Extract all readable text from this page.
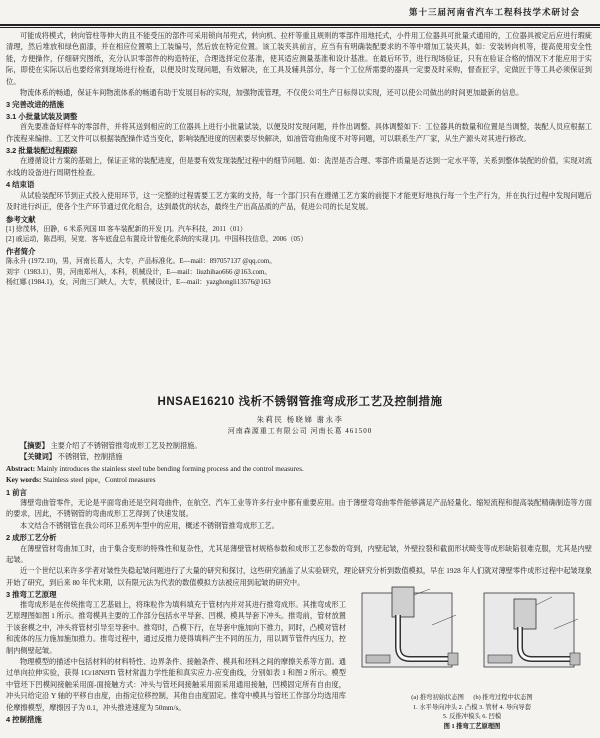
第十三届河南省汽车工程科技学术研讨会

可能成将模式，转向管柱等伸大的且不能受压的部件可采用锁向吊兜式，转向机、拉杆等重且规则的零部件用地托式，小件用工位器具可批量式通用的，工位器具被定后应进行瑕疵清理，然后堆放和绿色面漆，并在相应位置喷上工装编号，然后放在特定位置。该工装夹具前言，应当有有明确装配要求的不等中增加工装夹具，如：安装转向机等，提高使用安全性能，方便操作，仔细研究图纸，充分认识零部件的构造特征，合理选择定位基准，使其适应测量基准和设计基准。在最后环节，进行现场验证，只有在验证合格的情况下才能应用于实际，即使在实际以后也要经常到现场进行检查，以便及时发现问题，有效解决，在工具及辅具部分，每一个工位所需要的器具一定要及时采购，督查匠字，定做匠于等工具必须保证到位。

物流体系的畅通，保证车间物流体系的畅通有助于发展目标的实现，加强物流管理，不仅使公司生产日标得以实现，还可以使公司做出的时间更加最新的信息。

3 完善改进的措施

3.1 小批量试装及调整

首先要准备好样车的零部件，并将其送到相应的工位器具上进行小批量试装，以便及时发现问题，并作出调整。具体调整如下：工位器具的数量和位置是当调整，装配人员应根据工作流程来编排。工艺文件可以根据装配操作适当变化，影响装配进度的因素要尽快解决，如油管弯曲角度不对等问题，可以联系生产厂家，从生产源头对其进行修改。

3.2 批量装配过程跟踪

在遵循设计方案的基础上，保证正常的装配进度，但是要有效发现装配过程中的细节问题。如：洗涅是否合理、零部件质量是否达到一定水平等，关系到整体装配的价值，实现对流水线的设备进行周期性检查。

4 结束语

从试验装配环节到正式投入使用环节，这一完整的过程需要工艺方案的支持，每一个部门只有在遵循工艺方案的前提下才能更好地执行每一个生产行为，并在执行过程中发现问题后及时进行纠正，使各个生产环节通过优化组合，达到最优的状态，最终生产出高品质的产品，促进公司的长足发展。

参考文献

[1] 徐茂林，田静，6 米系列国 III 客车装配新的开发 [J]。汽车科技，2011（01）

[2] 戚运动，陈昌明，吴宽．客车底盘总布置设计智能化系统的实现 [J]。中国科技信息，2006（05）

作者简介

陈永升 (1972.10)，男，河南长葛人，大专，产品标准化。E—mail：897057137 @qq.com。

刘宇（1983.1），男，河南郑州人，本科，机械设计，E—mail：liuzhihao666 @163.com。

杨红娜 (1984.1)，女，河南三门峡人，大专，机械设计，E—mail：yazghongli13576@163

HNSAE16210 浅析不锈钢管推弯成形工艺及控制措施
朱莉民 杨晓娣 谢永李
河南森源重工有限公司 河南长葛 461500

【摘要】 主要介绍了不锈钢管推弯成形工艺及控制措施。

【关键词】 不锈钢管，控制措施

Abstract: Mainly introduces the stainless steel tube bending forming process and the control measures.

Key words: Stainless steel pipe，Control measures

1 前言

薄壁弯曲管零件，无论是平面弯曲还是空间弯曲件，在航空、汽车工业等许多行业中都有重要应用。由于薄壁弯弯曲零件能够满足产品轻量化、缩短流程和提高装配精确制造等方面的要求，因此，不锈钢管的弯曲成形工艺得到了快速发展。

本文结合不锈钢管在我公司环卫系列车型中的应用，概述不锈钢管推弯成形工艺。

2 成形工艺分析

在薄壁管材弯曲加工时，由于集合变形的特殊性和复杂性，尤其是薄壁管材规格参数和成形工艺参数的弯到，内壁起皱，外壁拉裂和截面形状畸变等成形缺陷很难克服，尤其是内壁起皱。

近一个世纪以来许多学者对皱性失稳起皱问题进行了大量的研究和探讨，这些研究涵盖了从实验研究，理论研究分析到数值模拟，早在 1928 年人们就对薄壁零件成形过程中起皱现象开始了研究，到后来 80 年代末期，以有限元法为代表的数值模拟方法被应用到起皱的研究中。

3 推弯工艺原理

推弯成形是在传统推弯工艺基础上，将珠粒作为填料填充于管材内并对其进行推弯成形。其推弯成形工艺原理图如图 1 所示。推弯模具主要的工作部分包括水平导套、凹模、模具导套下冲头。推弯前，管材放置于该套模之中，冲头将管材引导至导套中。推弯时，凸模下行，在导套中施加向下推力，同时，凸模对管材和流体的压力施加施加推力。推弯过程中，通过反推力使得填料产生不同的压力，用以调节管件内压力，控制内侧壁起皱。

物理模型的描述中包括材料的材料特性、边界条件、接触条件、模具和坯料之间的摩擦关系等方面。通过单向拉伸实验，获得 1Cr18Ni9Ti 管材常温力学性能和真实应力-应变曲线，分别如表 1 和图 2 所示。模型中管坯下凹模间接触采用面-面接触方式：冲头与管坯间接触采用面采用通用接触，凹模固定所有自由度，冲头只给定沿 Y 轴的平移自由度，由指定位移控制，其他自由度固定。推弯中模具与管坯工作部分均选用库伦摩擦模型，摩擦因子为 0.1，冲头推进速度为 50mm/s。

4 控制措施

(a) 推弯初始状态图 (b) 推弯过程中状态图
1. 水平导向冲头 2. 凸模 3. 管材 4. 导向导套
5. 反推冲模头 6. 凹模
图 1 推弯工艺原理图
